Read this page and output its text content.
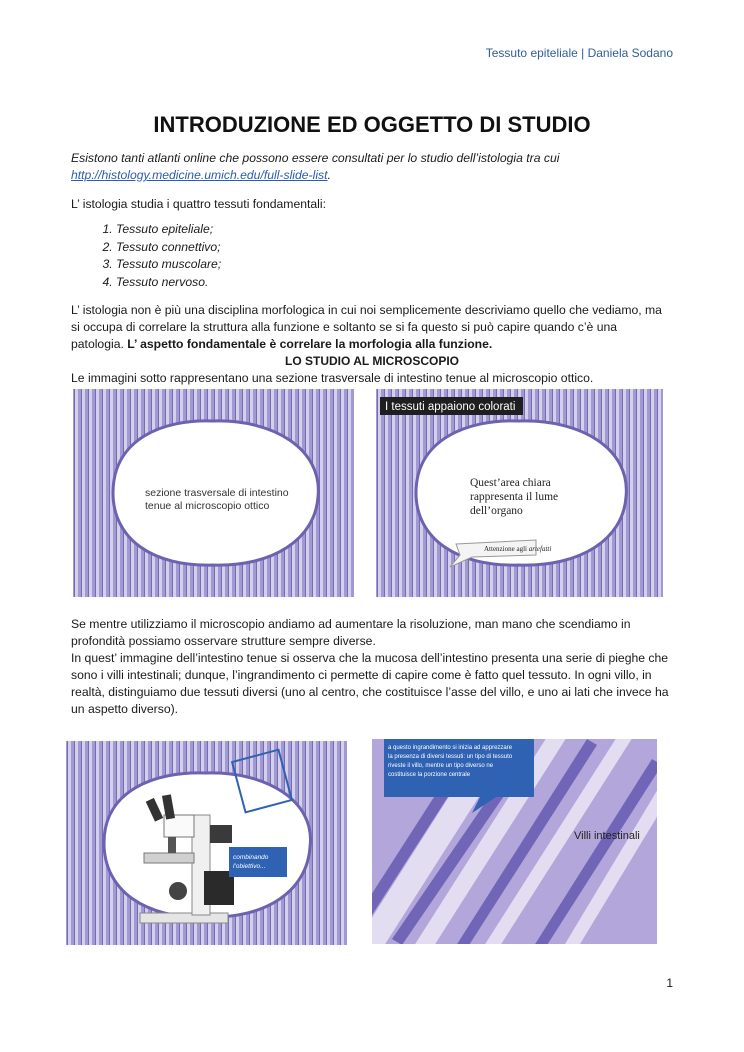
Tessuto epiteliale | Daniela Sodano
INTRODUZIONE ED OGGETTO DI STUDIO
Esistono tanti atlanti online che possono essere consultati per lo studio dell’istologia tra cui
http://histology.medicine.umich.edu/full-slide-list.
L’ istologia studia i quattro tessuti fondamentali:
1. Tessuto epiteliale;
2. Tessuto connettivo;
3. Tessuto muscolare;
4. Tessuto nervoso.
L’ istologia non è più una disciplina morfologica in cui noi semplicemente descriviamo quello che vediamo, ma si occupa di correlare la struttura alla funzione e soltanto se si fa questo si può capire quando c’è una patologia. L’ aspetto fondamentale è correlare la morfologia alla funzione.
LO STUDIO AL MICROSCOPIO
Le immagini sotto rappresentano una sezione trasversale di intestino tenue al microscopio ottico.
sezione trasversale di intestino
tenue al microscopio ottico
I tessuti appaiono colorati
Quest’area chiara
rappresenta il lume
dell’organo
Attenzione agli artefatti
Se mentre utilizziamo il microscopio andiamo ad aumentare la risoluzione, man mano che scendiamo in profondità possiamo osservare strutture sempre diverse.
In quest’ immagine dell’intestino tenue si osserva che la mucosa dell’intestino presenta una serie di pieghe che sono i villi intestinali; dunque, l’ingrandimento ci permette di capire come è fatto quel tessuto. In ogni villo, in realtà, distinguiamo due tessuti diversi (uno al centro, che costituisce l’asse del villo, e uno ai lati che invece ha un aspetto diverso).
combinando
l’obiettivo...
a questo ingrandimento si inizia ad apprezzare
la presenza di diversi tessuti: un tipo di tessuto
riveste il villo, mentre un tipo diverso ne
costituisce la porzione centrale
Villi intestinali
1
